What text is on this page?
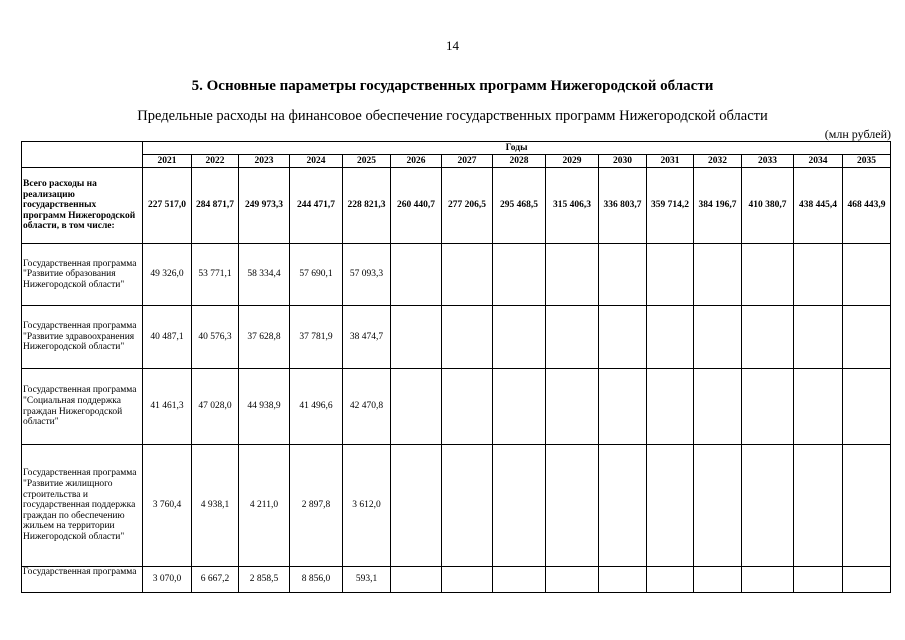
14
5. Основные параметры государственных программ Нижегородской области
Предельные расходы на финансовое обеспечение государственных программ Нижегородской области
(млн рублей)
	Годы														
	2021	2022	2023	2024	2025	2026	2027	2028	2029	2030	2031	2032	2033	2034	2035
Всего расходы на реализацию государственных программ Нижегородской области, в том числе:	227 517,0	284 871,7	249 973,3	244 471,7	228 821,3	260 440,7	277 206,5	295 468,5	315 406,3	336 803,7	359 714,2	384 196,7	410 380,7	438 445,4	468 443,9
Государственная программа "Развитие образования Нижегородской области"	49 326,0	53 771,1	58 334,4	57 690,1	57 093,3										
Государственная программа "Развитие здравоохранения Нижегородской области"	40 487,1	40 576,3	37 628,8	37 781,9	38 474,7										
Государственная программа "Социальная поддержка граждан Нижегородской области"	41 461,3	47 028,0	44 938,9	41 496,6	42 470,8										
Государственная программа "Развитие жилищного строительства и государственная поддержка граждан по обеспечению жильем на территории Нижегородской области"	3 760,4	4 938,1	4 211,0	2 897,8	3 612,0										
Государственная программа	3 070,0	6 667,2	2 858,5	8 856,0	593,1										
